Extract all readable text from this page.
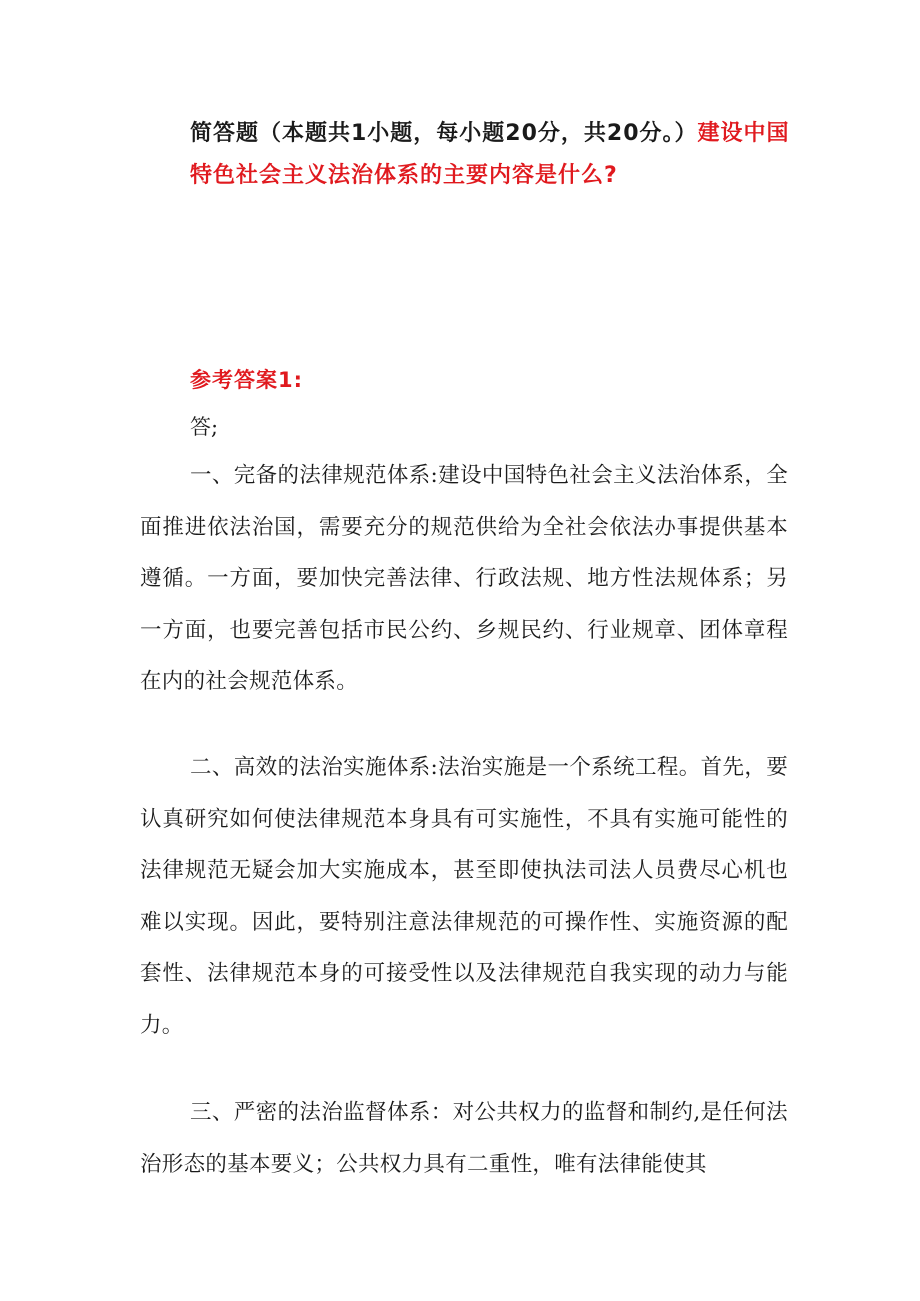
简答题（本题共1小题，每小题20分，共20分。）建设中国特色社会主义法治体系的主要内容是什么?
参考答案1:
答;

一、完备的法律规范体系:建设中国特色社会主义法治体系，全面推进依法治国，需要充分的规范供给为全社会依法办事提供基本遵循。一方面，要加快完善法律、行政法规、地方性法规体系；另一方面，也要完善包括市民公约、乡规民约、行业规章、团体章程在内的社会规范体系。

二、高效的法治实施体系:法治实施是一个系统工程。首先，要认真研究如何使法律规范本身具有可实施性，不具有实施可能性的法律规范无疑会加大实施成本，甚至即使执法司法人员费尽心机也难以实现。因此，要特别注意法律规范的可操作性、实施资源的配套性、法律规范本身的可接受性以及法律规范自我实现的动力与能力。

三、严密的法治监督体系：对公共权力的监督和制约,是任何法治形态的基本要义；公共权力具有二重性，唯有法律能使其
